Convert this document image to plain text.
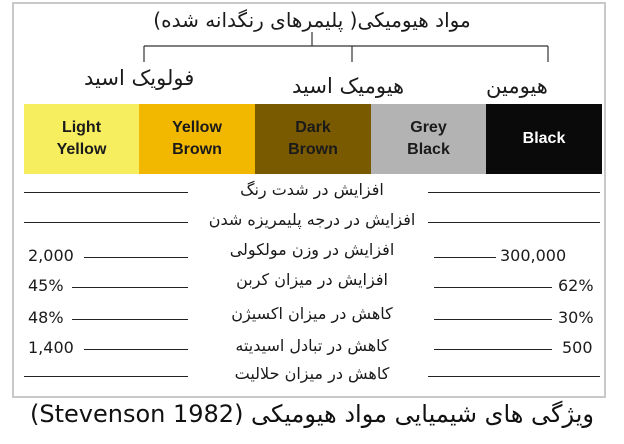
مواد هیومیکی( پلیمرهای رنگدانه شده)
فولویک اسید	هیومیک اسید	هیومین
Light
Yellow
Yellow
Brown
Dark
Brown
Grey
Black
Black
افزایش در شدت رنگ
افزایش در درجه پلیمریزه شدن
افزایش در وزن مولکولی
2,000	300,000
افزایش در میزان کربن
45%	62%
کاهش در میزان اکسیژن
48%	30%
کاهش در تبادل اسیدیته
1,400	500
کاهش در میزان حلالیت
ویژگی های شیمیایی مواد هیومیکی (Stevenson 1982)
